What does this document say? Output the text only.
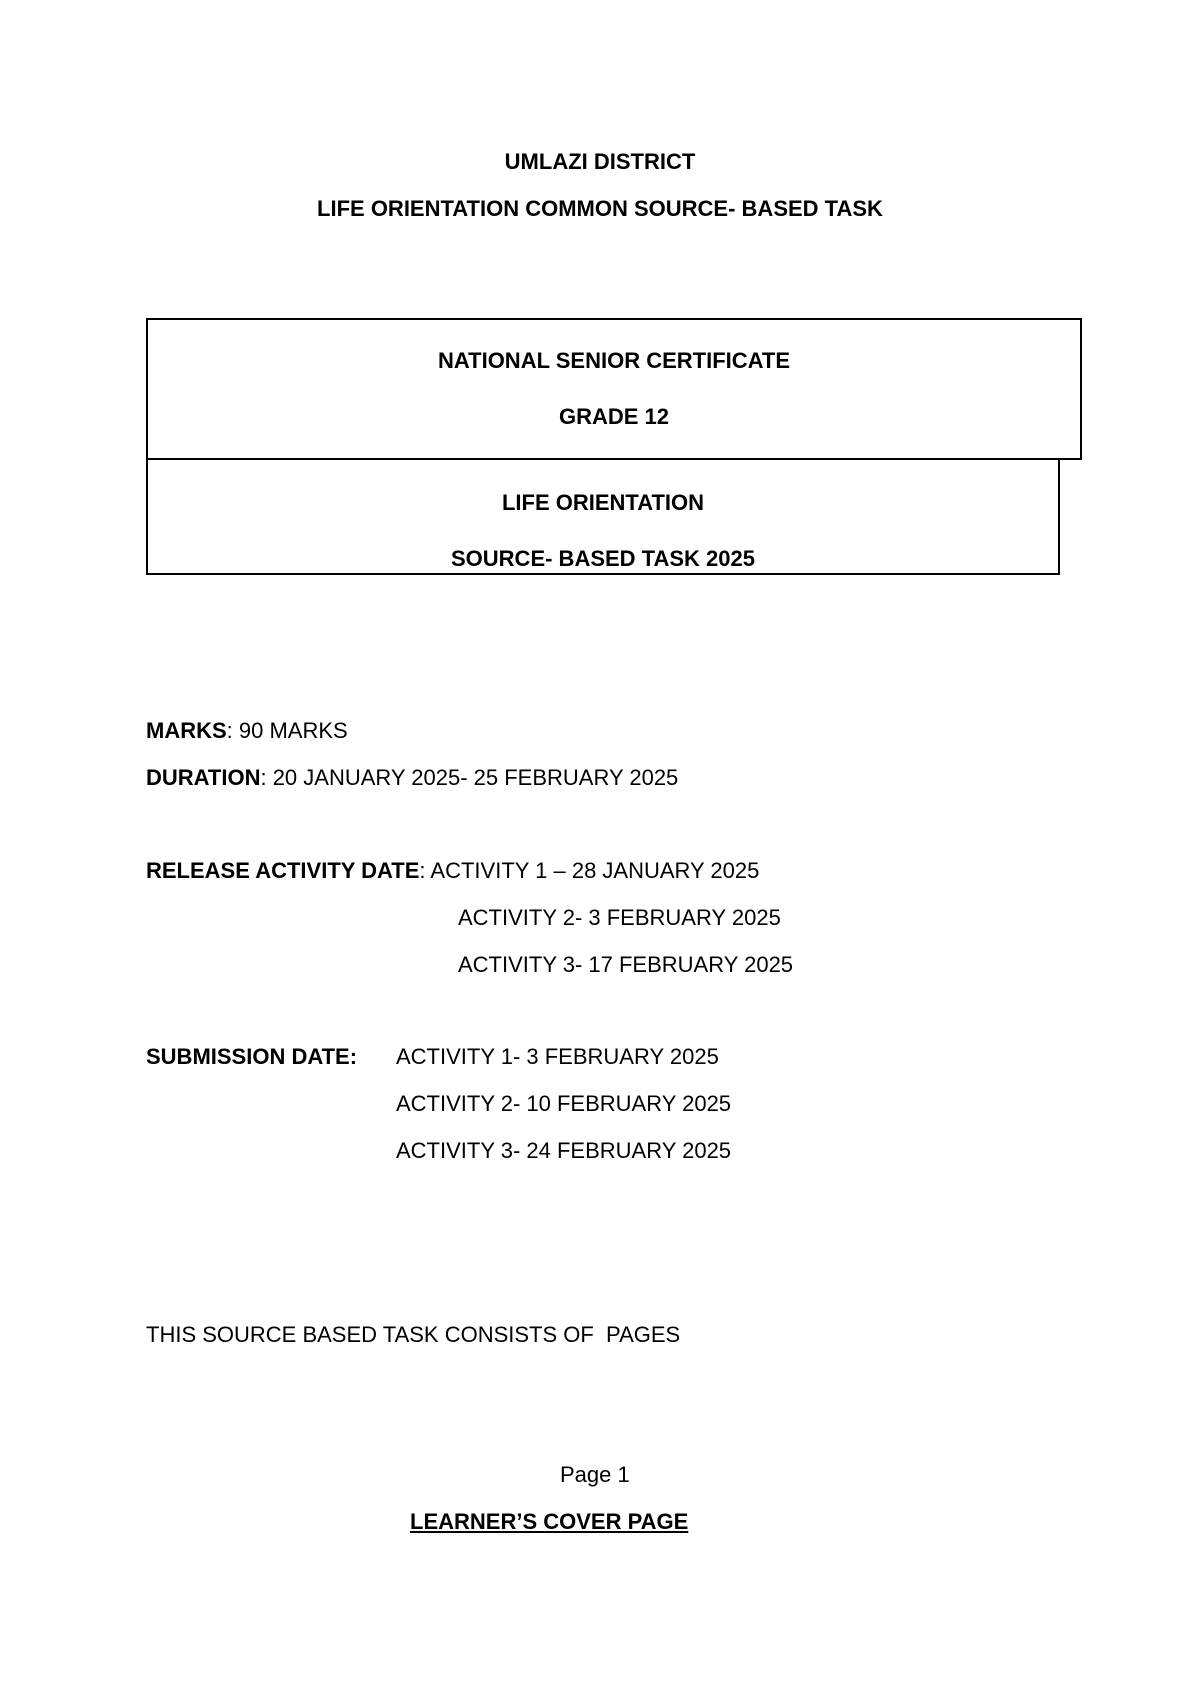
UMLAZI DISTRICT
LIFE ORIENTATION COMMON SOURCE- BASED TASK
NATIONAL SENIOR CERTIFICATE
GRADE 12
LIFE ORIENTATION
SOURCE- BASED TASK 2025
MARKS: 90 MARKS
DURATION: 20 JANUARY 2025- 25 FEBRUARY 2025
RELEASE ACTIVITY DATE: ACTIVITY 1 – 28 JANUARY 2025
ACTIVITY 2- 3 FEBRUARY 2025
ACTIVITY 3- 17 FEBRUARY 2025
SUBMISSION DATE: ACTIVITY 1- 3 FEBRUARY 2025
ACTIVITY 2- 10 FEBRUARY 2025
ACTIVITY 3- 24 FEBRUARY 2025
THIS SOURCE BASED TASK CONSISTS OF  PAGES
Page 1
LEARNER’S COVER PAGE
